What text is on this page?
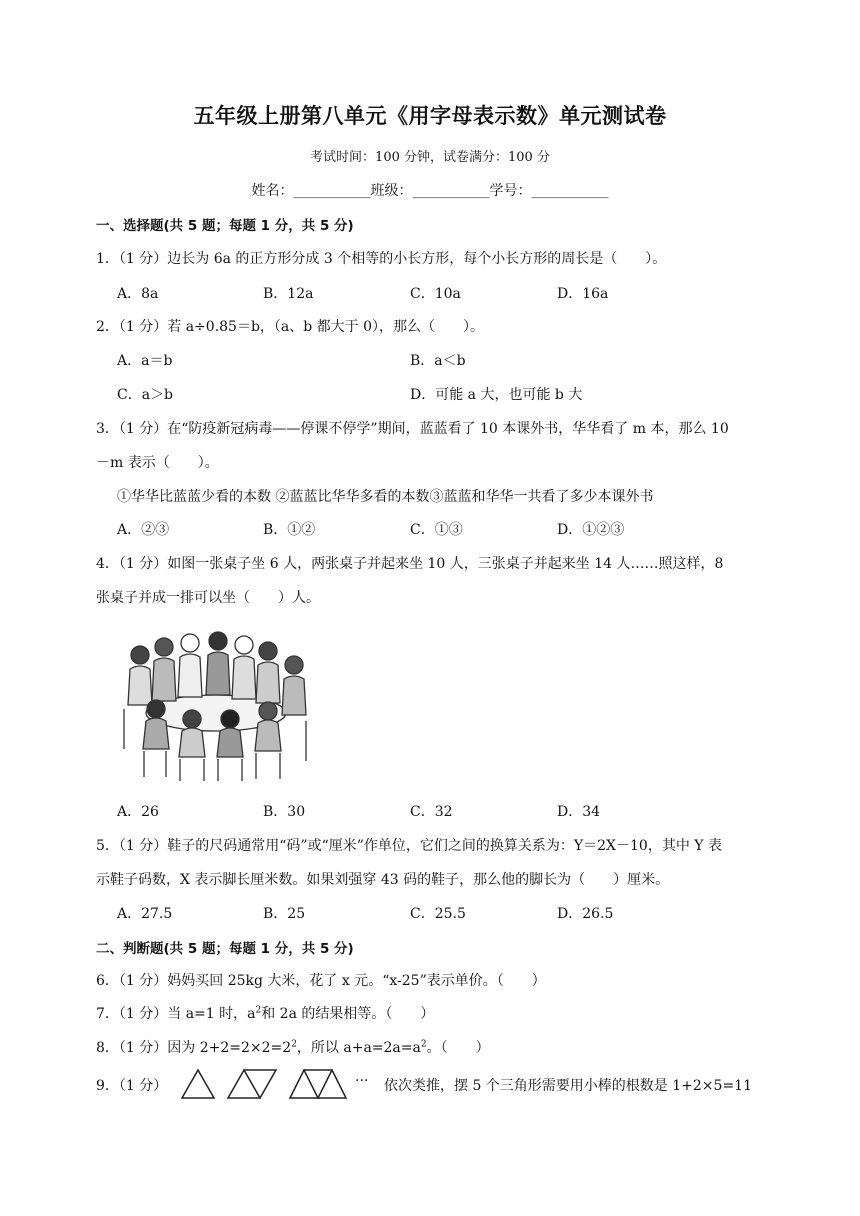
五年级上册第八单元《用字母表示数》单元测试卷
考试时间：100 分钟，试卷满分：100 分
姓名：___________班级：___________学号：___________
一、选择题(共 5 题；每题 1 分，共 5 分)
1．（1 分）边长为 6a 的正方形分成 3 个相等的小长方形，每个小长方形的周长是（　　）。
A．8a	B．12a	C．10a	D．16a
2．（1 分）若 a÷0.85＝b，（a、b 都大于 0），那么（　　）。
A．a＝b	B．a＜b
C．a＞b	D．可能 a 大，也可能 b 大
3．（1 分）在“防疫新冠病毒——停课不停学”期间，蓝蓝看了 10 本课外书，华华看了 m 本，那么 10
－m 表示（　　）。
①华华比蓝蓝少看的本数 ②蓝蓝比华华多看的本数③蓝蓝和华华一共看了多少本课外书
A．②③	B．①②	C．①③	D．①②③
4．（1 分）如图一张桌子坐 6 人，两张桌子并起来坐 10 人，三张桌子并起来坐 14 人……照这样，8
张桌子并成一排可以坐（　　）人。
A．26	B．30	C．32	D．34
5．（1 分）鞋子的尺码通常用“码”或“厘米”作单位，它们之间的换算关系为：Y＝2X－10，其中 Y 表
示鞋子码数，X 表示脚长厘米数。如果刘强穿 43 码的鞋子，那么他的脚长为（　　）厘米。
A．27.5	B．25	C．25.5	D．26.5
二、判断题(共 5 题；每题 1 分，共 5 分)
6．（1 分）妈妈买回 25kg 大米，花了 x 元。“x-25”表示单价。（　　）
7．（1 分）当 a=1 时，$a^2$和 2a 的结果相等。（　　）
8．（1 分）因为 $2+2=2\times 2=2^2$，所以 $a+a=2a=a^2$。（　　）
9．（1 分）	··· 依次类推，摆 5 个三角形需要用小棒的根数是 1+2×5=11
